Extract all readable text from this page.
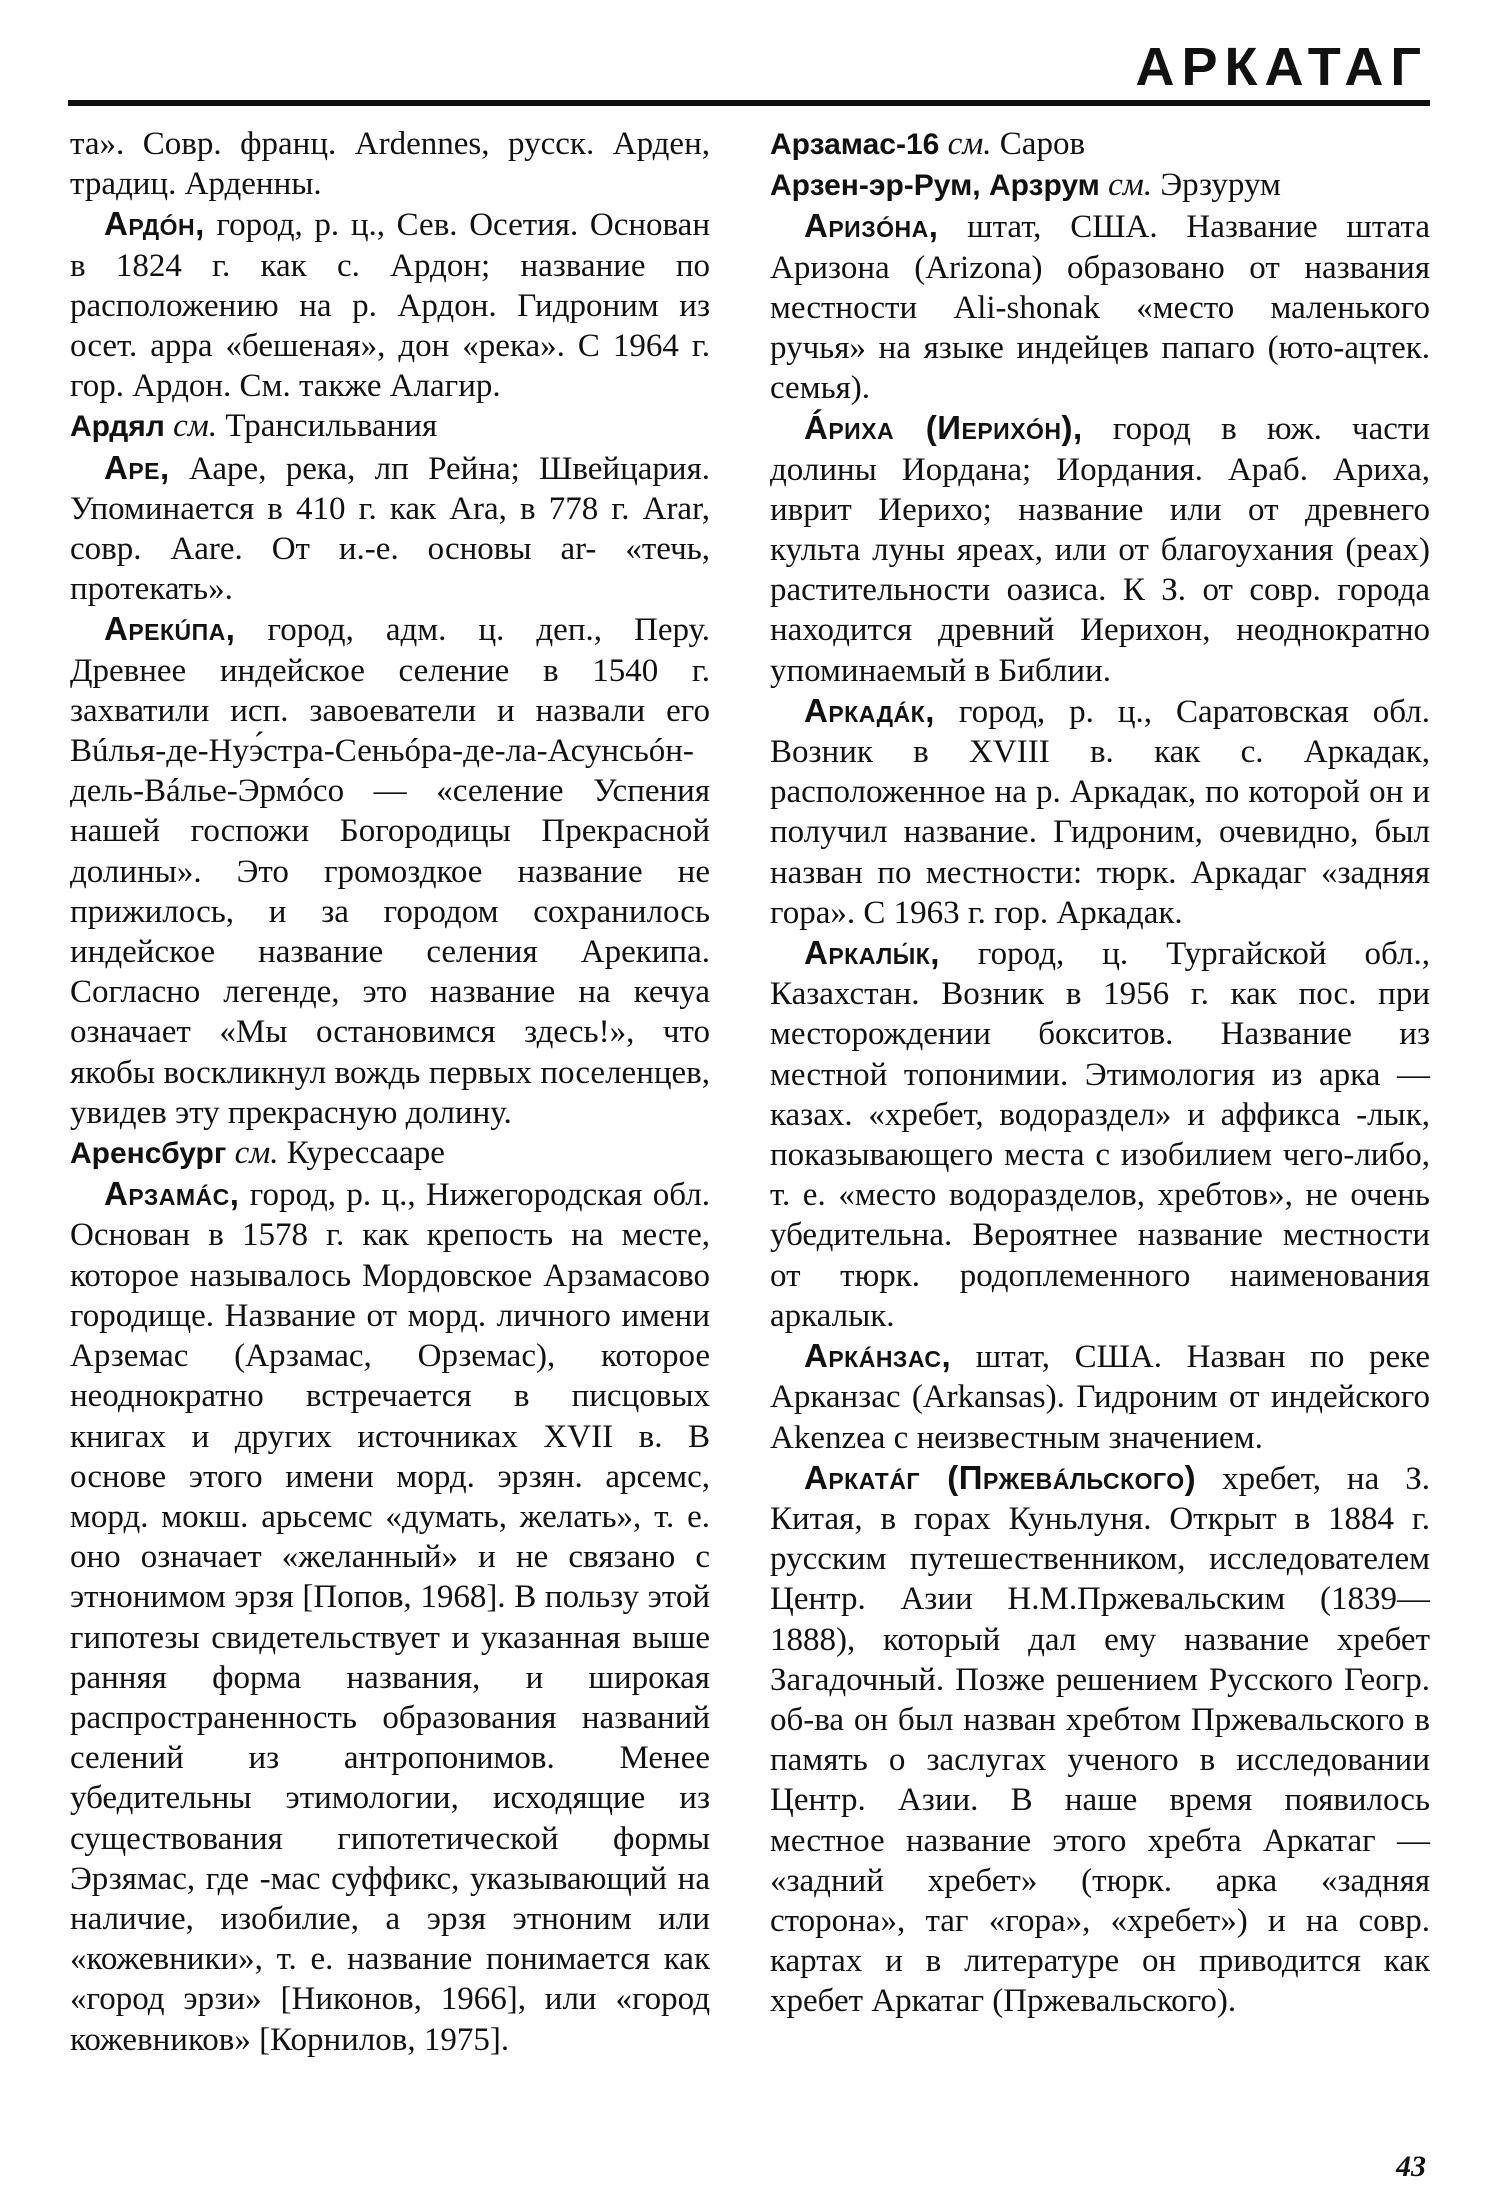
АРКАТАГ

та». Совр. франц. Ardennes, русск. Арден, традиц. Арденны.

Ардóн, город, р. ц., Сев. Осетия. Основан в 1824 г. как с. Ардон; название по расположению на р. Ардон. Гидроним из осет. арра «бешеная», дон «река». С 1964 г. гор. Ардон. См. также Алагир.

Ардял см. Трансильвания

Аре, Ааре, река, лп Рейна; Швейцария. Упоминается в 410 г. как Ara, в 778 г. Arar, совр. Aare. От и.-е. основы ar- «течь, протекать».

Арекúпа, город, адм. ц. деп., Перу. Древнее индейское селение в 1540 г. захватили исп. завоеватели и назвали его Вúлья-де-Нуэ́стра-Сеньóра-де-ла-Асунсьóн-дель-Вáлье-Эрмóсо — «селение Успения нашей госпожи Богородицы Прекрасной долины». Это громоздкое название не прижилось, и за городом сохранилось индейское название селения Арекипа. Согласно легенде, это название на кечуа означает «Мы остановимся здесь!», что якобы воскликнул вождь первых поселенцев, увидев эту прекрасную долину.

Аренсбург см. Курессааре

Арзамáс, город, р. ц., Нижегородская обл. Основан в 1578 г. как крепость на месте, которое называлось Мордовское Арзамасово городище. Название от морд. личного имени Арземас (Арзамас, Орземас), которое неоднократно встречается в писцовых книгах и других источниках XVII в. В основе этого имени морд. эрзян. арсемс, морд. мокш. арьсемс «думать, желать», т. е. оно означает «желанный» и не связано с этнонимом эрзя [Попов, 1968]. В пользу этой гипотезы свидетельствует и указанная выше ранняя форма названия, и широкая распространенность образования названий селений из антропонимов. Менее убедительны этимологии, исходящие из существования гипотетической формы Эрзямас, где -мас суффикс, указывающий на наличие, изобилие, а эрзя этноним или «кожевники», т. е. название понимается как «город эрзи» [Никонов, 1966], или «город кожевников» [Корнилов, 1975].

Арзамас-16 см. Саров

Арзен-эр-Рум, Арзрум см. Эрзурум

Аризóна, штат, США. Название штата Аризона (Arizona) образовано от названия местности Ali-shonak «место маленького ручья» на языке индейцев папаго (юто-ацтек. семья).

Áриха (Иерихóн), город в юж. части долины Иордана; Иордания. Араб. Ариха, иврит Иерихо; название или от древнего культа луны яреах, или от благоухания (реах) растительности оазиса. К З. от совр. города находится древний Иерихон, неоднократно упоминаемый в Библии.

Аркадáк, город, р. ц., Саратовская обл. Возник в XVIII в. как с. Аркадак, расположенное на р. Аркадак, по которой он и получил название. Гидроним, очевидно, был назван по местности: тюрк. Аркадаг «задняя гора». С 1963 г. гор. Аркадак.

Аркалы́к, город, ц. Тургайской обл., Казахстан. Возник в 1956 г. как пос. при месторождении бокситов. Название из местной топонимии. Этимология из арка — казах. «хребет, водораздел» и аффикса -лык, показывающего места с изобилием чего-либо, т. е. «место водоразделов, хребтов», не очень убедительна. Вероятнее название местности от тюрк. родоплеменного наименования аркалык.

Аркáнзас, штат, США. Назван по реке Арканзас (Arkansas). Гидроним от индейского Akenzea с неизвестным значением.

Аркатáг (Пржевáльского) хребет, на З. Китая, в горах Куньлуня. Открыт в 1884 г. русским путешественником, исследователем Центр. Азии Н.М.Пржевальским (1839—1888), который дал ему название хребет Загадочный. Позже решением Русского Геогр. об-ва он был назван хребтом Пржевальского в память о заслугах ученого в исследовании Центр. Азии. В наше время появилось местное название этого хребта Аркатаг — «задний хребет» (тюрк. арка «задняя сторона», таг «гора», «хребет») и на совр. картах и в литературе он приводится как хребет Аркатаг (Пржевальского).

43
